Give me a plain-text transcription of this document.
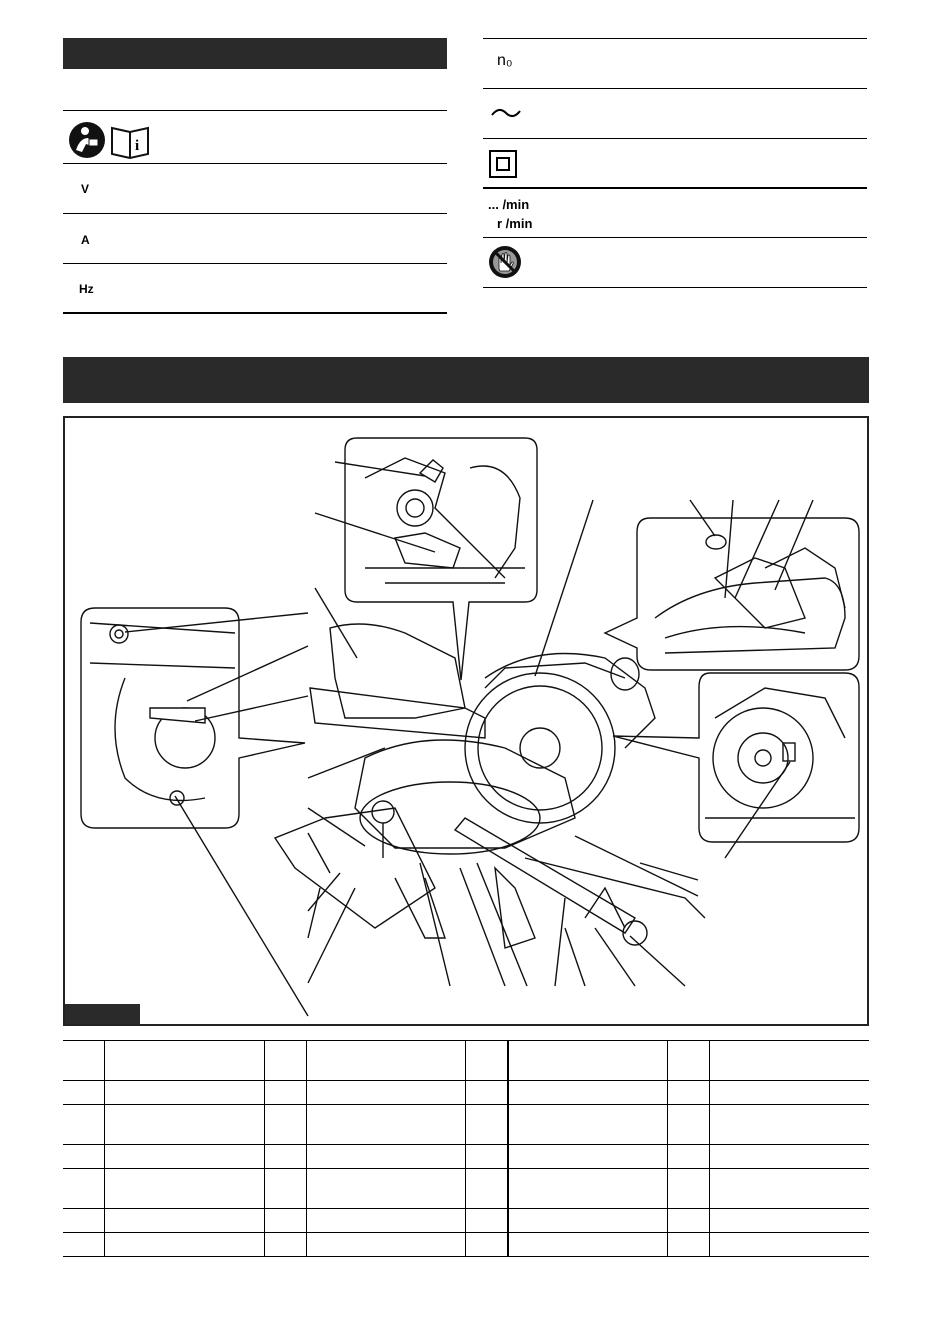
i
V
A
Hz
n₀
... /min
r /min
